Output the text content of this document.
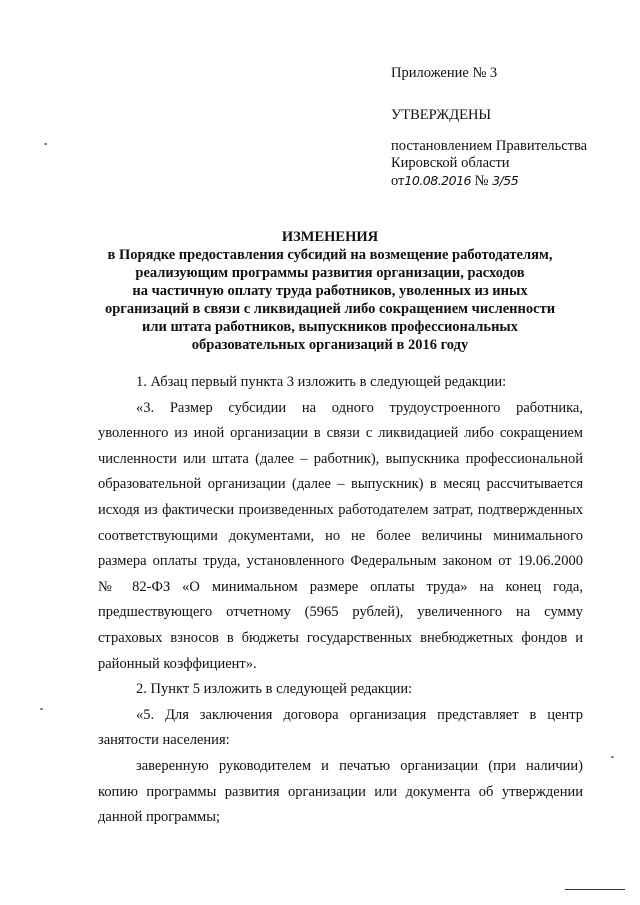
Приложение № 3

УТВЕРЖДЕНЫ

постановлением Правительства
Кировской области
от10.08.2016 № 3/55
ИЗМЕНЕНИЯ
в Порядке предоставления субсидий на возмещение работодателям,
реализующим программы развития организации, расходов
на частичную оплату труда работников, уволенных из иных
организаций в связи с ликвидацией либо сокращением численности
или штата работников, выпускников профессиональных
образовательных организаций в 2016 году

1. Абзац первый пункта 3 изложить в следующей редакции:

«3. Размер субсидии на одного трудоустроенного работника,
уволенного из иной организации в связи с ликвидацией либо сокращением
численности или штата (далее – работник), выпускника профессиональной
образовательной организации (далее – выпускник) в месяц рассчитывается
исходя из фактически произведенных работодателем затрат, подтвержденных
соответствующими документами, но не более величины минимального
размера оплаты труда, установленного Федеральным законом от 19.06.2000
№ 82-ФЗ «О минимальном размере оплаты труда» на конец года,
предшествующего отчетному (5965 рублей), увеличенного на сумму
страховых взносов в бюджеты государственных внебюджетных фондов и
районный коэффициент».

2. Пункт 5 изложить в следующей редакции:

«5. Для заключения договора организация представляет в центр
занятости населения:
заверенную руководителем и печатью организации (при наличии)
копию программы развития организации или документа об утверждении
данной программы;
